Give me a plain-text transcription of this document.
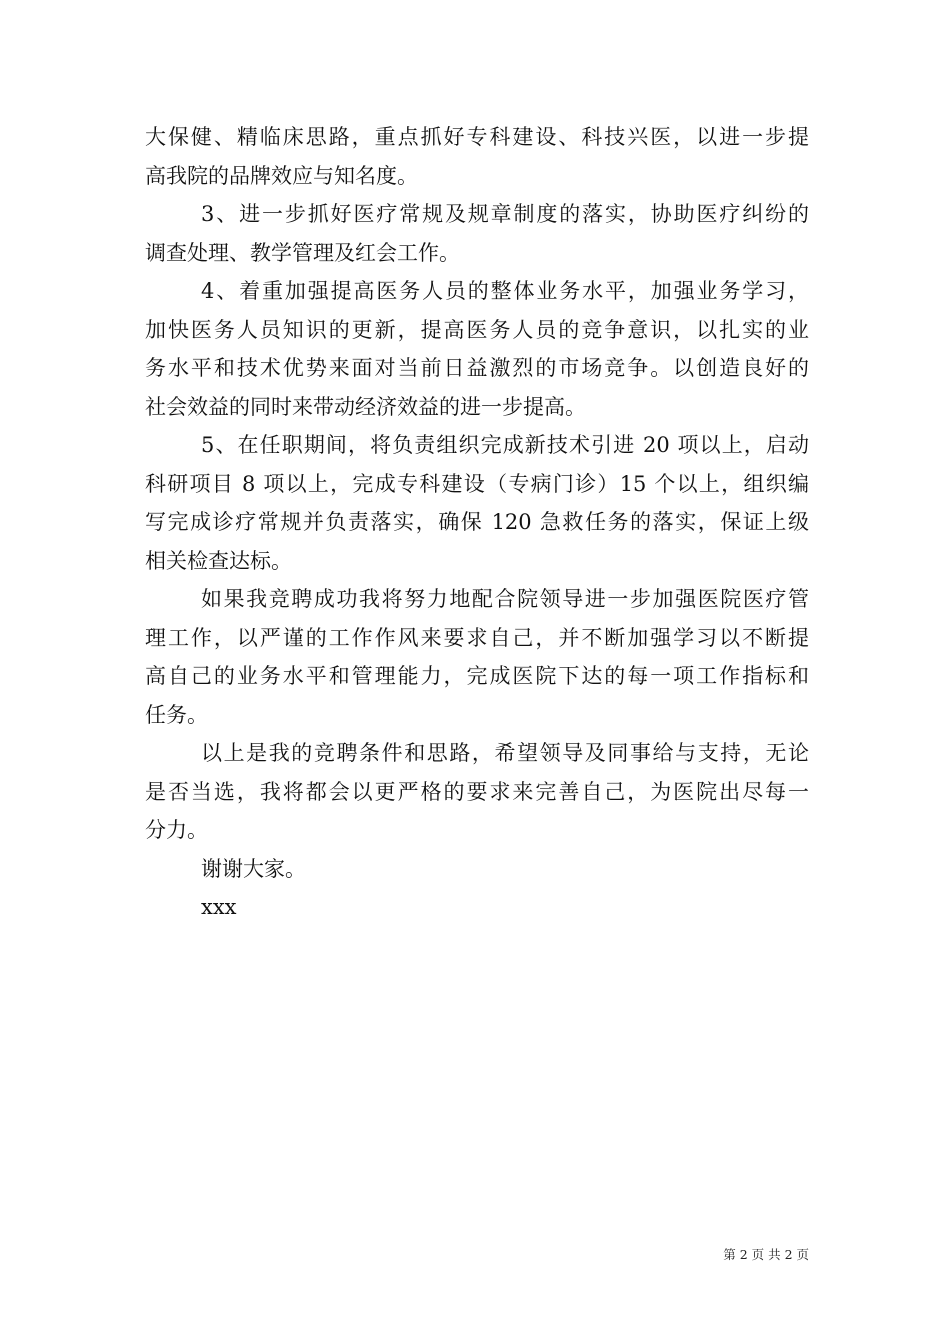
大保健、精临床思路，重点抓好专科建设、科技兴医，以进一步提
高我院的品牌效应与知名度。
3、进一步抓好医疗常规及规章制度的落实，协助医疗纠纷的
调查处理、教学管理及红会工作。
4、着重加强提高医务人员的整体业务水平，加强业务学习，
加快医务人员知识的更新，提高医务人员的竞争意识，以扎实的业
务水平和技术优势来面对当前日益激烈的市场竞争。以创造良好的
社会效益的同时来带动经济效益的进一步提高。
5、在任职期间，将负责组织完成新技术引进 20 项以上，启动
科研项目 8 项以上，完成专科建设（专病门诊）15 个以上，组织编
写完成诊疗常规并负责落实，确保 120 急救任务的落实，保证上级
相关检查达标。
如果我竞聘成功我将努力地配合院领导进一步加强医院医疗管
理工作，以严谨的工作作风来要求自己，并不断加强学习以不断提
高自己的业务水平和管理能力，完成医院下达的每一项工作指标和
任务。
以上是我的竞聘条件和思路，希望领导及同事给与支持，无论
是否当选，我将都会以更严格的要求来完善自己，为医院出尽每一
分力。
谢谢大家。
xxx
第 2 页 共 2 页
